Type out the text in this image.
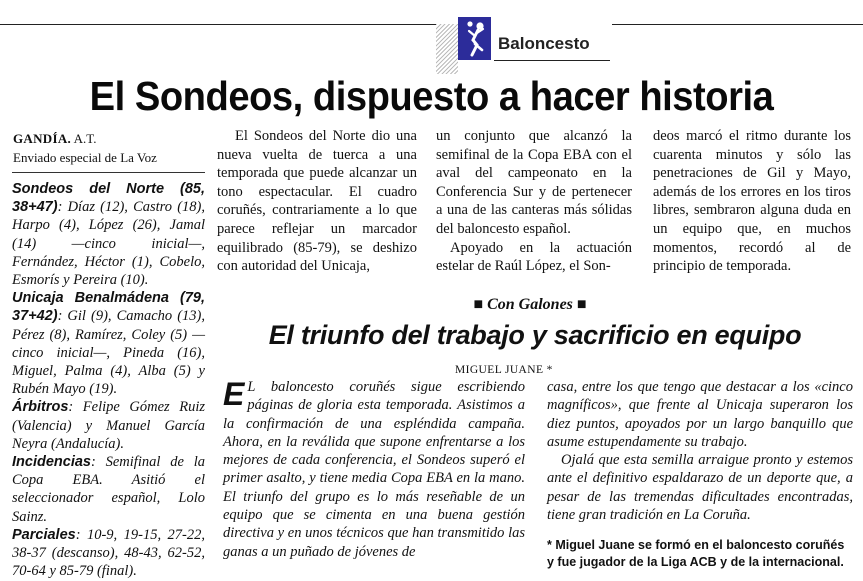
Baloncesto
El Sondeos, dispuesto a hacer historia
GANDÍA. A.T.
Enviado especial de La Voz

Sondeos del Norte (85, 38+47): Díaz (12), Castro (18), Harpo (4), López (26), Jamal (14) —cinco inicial—, Fernández, Héctor (1), Cobelo, Esmorís y Pereira (10).

Unicaja Benalmádena (79, 37+42): Gil (9), Camacho (13), Pérez (8), Ramírez, Coley (5) —cinco inicial—, Pineda (16), Miguel, Palma (4), Alba (5) y Rubén Mayo (19).

Árbitros: Felipe Gómez Ruiz (Valencia) y Manuel García Neyra (Andalucía).

Incidencias: Semifinal de la Copa EBA. Asitió el seleccionador español, Lolo Sainz.

Parciales: 10-9, 19-15, 27-22, 38-37 (descanso), 48-43, 62-52, 70-64 y 85-79 (final).

El Sondeos del Norte dio una nueva vuelta de tuerca a una temporada que puede alcanzar un tono espectacular. El cuadro coruñés, contrariamente a lo que parece reflejar un marcador equilibrado (85-79), se deshizo con autoridad del Unicaja,

un conjunto que alcanzó la semifinal de la Copa EBA con el aval del campeonato en la Conferencia Sur y de pertenecer a una de las canteras más sólidas del baloncesto español.

Apoyado en la actuación estelar de Raúl López, el Son-

deos marcó el ritmo durante los cuarenta minutos y sólo las penetraciones de Gil y Mayo, además de los errores en los tiros libres, sembraron alguna duda en un equipo que, en muchos momentos, recordó al de principio de temporada.

■ Con Galones ■
El triunfo del trabajo y sacrificio en equipo
MIGUEL JUANE *

E L baloncesto coruñés sigue escribiendo páginas de gloria esta temporada. Asistimos a la confirmación de una espléndida campaña. Ahora, en la reválida que supone enfrentarse a los mejores de cada conferencia, el Sondeos superó el primer asalto, y tiene media Copa EBA en la mano. El triunfo del grupo es lo más reseñable de un equipo que se cimenta en una buena gestión directiva y en unos técnicos que han transmitido las ganas a un puñado de jóvenes de

casa, entre los que tengo que destacar a los «cinco magníficos», que frente al Unicaja superaron los diez puntos, apoyados por un largo banquillo que asume estupendamente su trabajo.

Ojalá que esta semilla arraigue pronto y estemos ante el definitivo espaldarazo de un deporte que, a pesar de las tremendas dificultades encontradas, tiene gran tradición en La Coruña.

* Miguel Juane se formó en el baloncesto coruñés y fue jugador de la Liga ACB y de la internacional.
